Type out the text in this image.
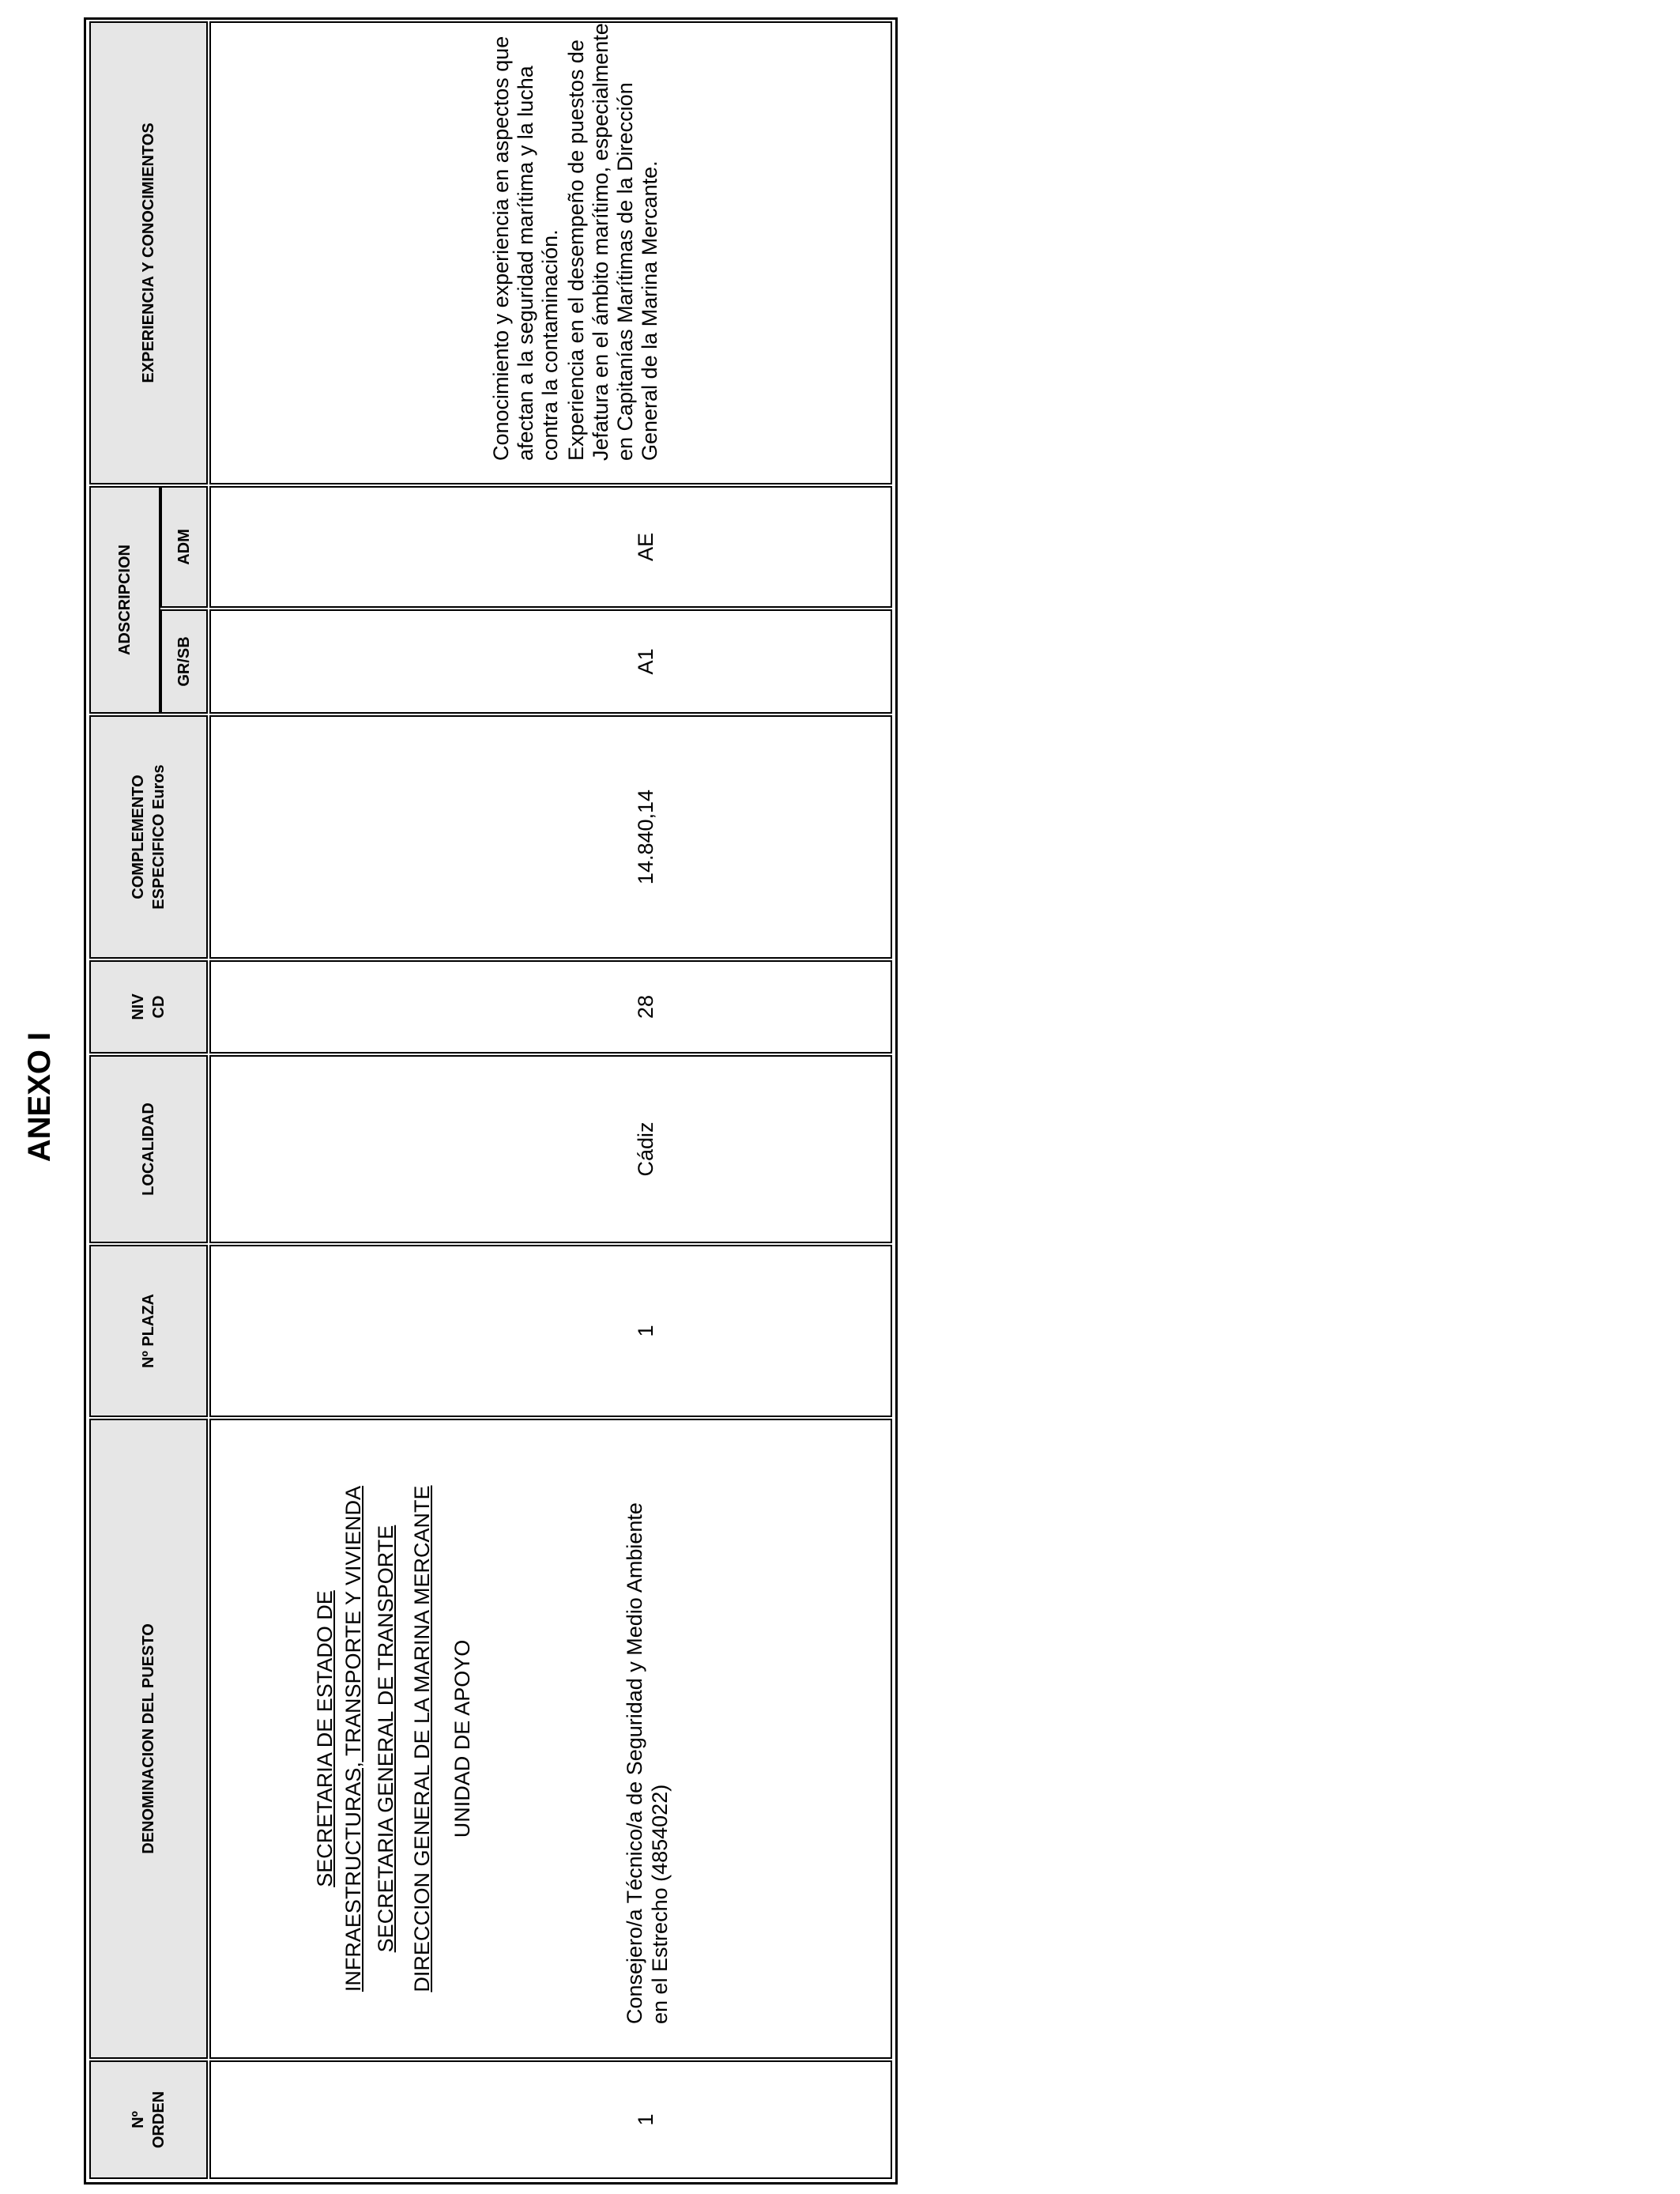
ANEXO I
Nº ORDEN
DENOMINACION DEL PUESTO
Nº PLAZA
LOCALIDAD
NIV CD
COMPLEMENTO ESPECIFICO Euros
ADSCRIPCION
GR/SB
ADM
EXPERIENCIA Y CONOCIMIENTOS
1
SECRETARIA DE ESTADO DE INFRAESTRUCTURAS, TRANSPORTE Y VIVIENDA SECRETARIA GENERAL DE TRANSPORTE DIRECCION GENERAL DE LA MARINA MERCANTE UNIDAD DE APOYO	Consejero/a Técnico/a de Seguridad y Medio Ambiente en el Estrecho (4854022)
1
Cádiz
28
14.840,14
A1
AE

Conocimiento y experiencia en aspectos que afectan a la seguridad marítima y la lucha contra la contaminación. Experiencia en el desempeño de puestos de Jefatura en el ámbito marítimo, especialmente en Capitanías Marítimas de la Dirección General de la Marina Mercante.
